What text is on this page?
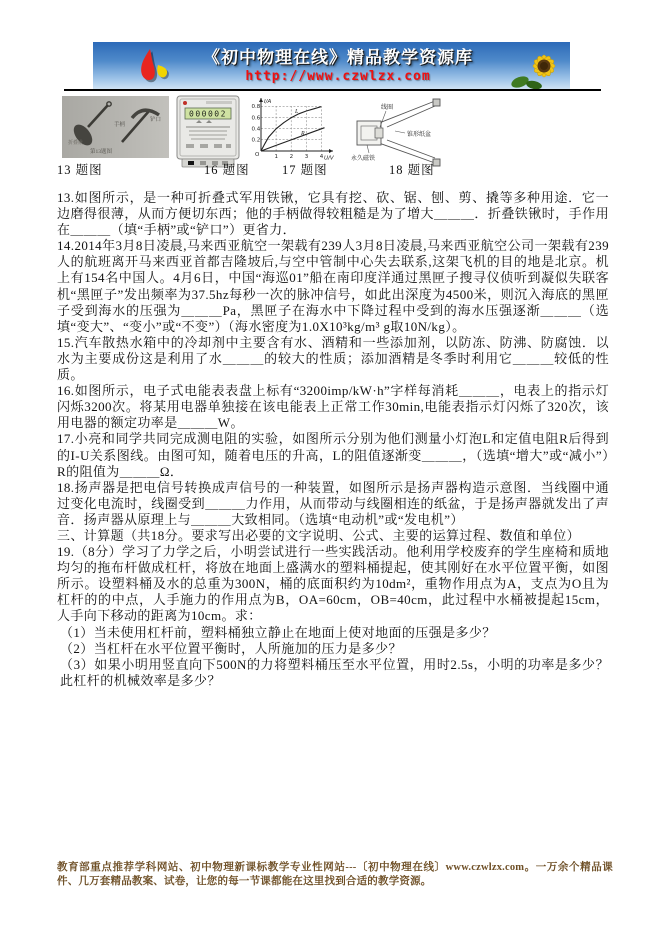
《初中物理在线》精品教学资源库
http://www.czwlzx.com
手柄
铲口
折叠锹
第13题图
13 题图
000002
16 题图
L
R
0.2
0.4
0.6
0.8
1 2 3 4
I/A
U/V
O
17 题图
线圈
锥形纸盆
永久磁铁
18 题图

13.如图所示，是一种可折叠式军用铁锹，它具有挖、砍、锯、刨、剪、撬等多种用途．它一边磨得很薄，从而方便切东西；他的手柄做得较粗糙是为了增大＿＿＿．折叠铁锹时，手作用在＿＿＿（填“手柄”或“铲口”）更省力．

14.2014年3月8日凌晨,马来西亚航空一架载有239人3月8日凌晨,马来西亚航空公司一架载有239人的航班离开马来西亚首都吉隆坡后,与空中管制中心失去联系,这架飞机的目的地是北京。机上有154名中国人。4月6日，中国“海巡01”船在南印度洋通过黑匣子搜寻仪侦听到凝似失联客机“黑匣子”发出频率为37.5hz每秒一次的脉冲信号，如此出深度为4500米，则沉入海底的黑匣子受到海水的压强为＿＿＿Pa，黑匣子在海水中下降过程中受到的海水压强逐渐＿＿＿（选填“变大”、“变小”或“不变”）（海水密度为1.0X10³kg/m³ g取10N/kg）。

15.汽车散热水箱中的冷却剂中主要含有水、酒精和一些添加剂，以防冻、防沸、防腐蚀．以水为主要成份这是利用了水＿＿＿的较大的性质；添加酒精是冬季时利用它＿＿＿较低的性质。

16.如图所示，电子式电能表表盘上标有“3200imp/kW·h”字样每消耗＿＿＿，电表上的指示灯闪烁3200次。将某用电器单独接在该电能表上正常工作30min,电能表指示灯闪烁了320次，该用电器的额定功率是＿＿＿W。

17.小亮和同学共同完成测电阻的实验，如图所示分别为他们测量小灯泡L和定值电阻R后得到的I-U关系图线。由图可知，随着电压的升高，L的阻值逐渐变＿＿＿，（选填“增大”或“减小”）R的阻值为＿＿＿Ω．

18.扬声器是把电信号转换成声信号的一种装置，如图所示是扬声器构造示意图．当线圈中通过变化电流时，线圈受到＿＿＿力作用，从而带动与线圈相连的纸盆，于是扬声器就发出了声音．扬声器从原理上与＿＿＿大致相同。（选填“电动机”或“发电机”）

三、计算题（共18分。要求写出必要的文字说明、公式、主要的运算过程、数值和单位）

19.（8分）学习了力学之后，小明尝试进行一些实践活动。他利用学校废弃的学生座椅和质地均匀的拖布杆做成杠杆，将放在地面上盛满水的塑料桶提起，使其刚好在水平位置平衡，如图所示。设塑料桶及水的总重为300N，桶的底面积约为10dm²，重物作用点为A，支点为O且为杠杆的的中点，人手施力的作用点为B，OA=60cm，OB=40cm，此过程中水桶被提起15cm，人手向下移动的距离为10cm。求：

（1）当未使用杠杆前，塑料桶独立静止在地面上使对地面的压强是多少？

（2）当杠杆在水平位置平衡时，人所施加的压力是多少？

（3）如果小明用竖直向下500N的力将塑料桶压至水平位置，用时2.5s，小明的功率是多少？此杠杆的机械效率是多少？

教育部重点推荐学科网站、初中物理新课标教学专业性网站---〔初中物理在线〕www.czwlzx.com。一万余个精品课件、几万套精品教案、试卷，让您的每一节课都能在这里找到合适的教学资源。
